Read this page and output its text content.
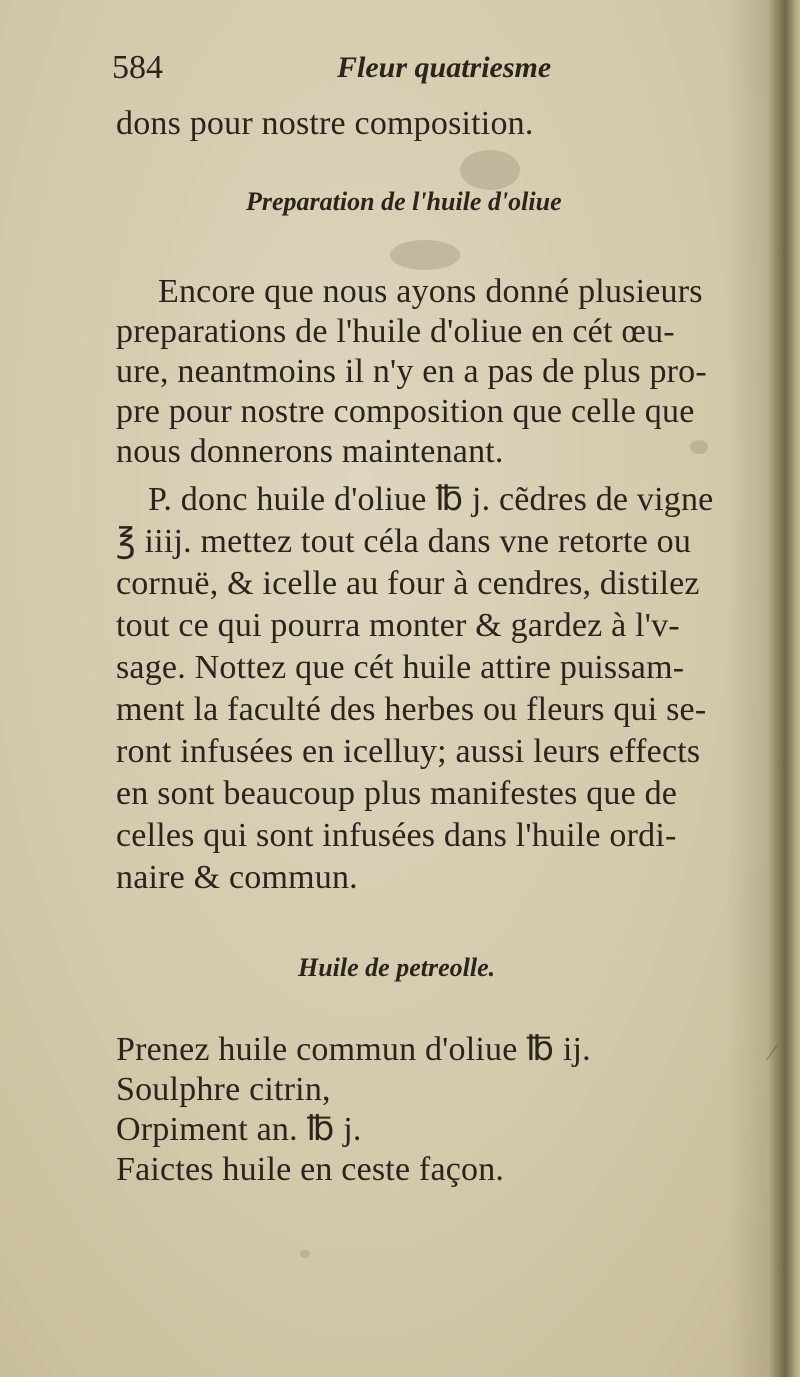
⁄
584	Fleur quatriesme
dons pour nostre composition.
Preparation de l'huile d'oliue
Encore que nous ayons donné plusieurs
preparations de l'huile d'oliue en cét œu-
ure, neantmoins il n'y en a pas de plus pro-
pre pour nostre composition que celle que
nous donnerons maintenant.
P. donc huile d'oliue ℔ j. cẽdres de vigne
℥ iiij. mettez tout céla dans vne retorte ou
cornuë, & icelle au four à cendres, distilez
tout ce qui pourra monter & gardez à l'v-
sage. Nottez que cét huile attire puissam-
ment la faculté des herbes ou fleurs qui se-
ront infusées en icelluy; aussi leurs effects
en sont beaucoup plus manifestes que de
celles qui sont infusées dans l'huile ordi-
naire & commun.
Huile de petreolle.
Prenez huile commun d'oliue ℔ ij.
Soulphre citrin,
Orpiment an. ℔ j.
Faictes huile en ceste façon.
